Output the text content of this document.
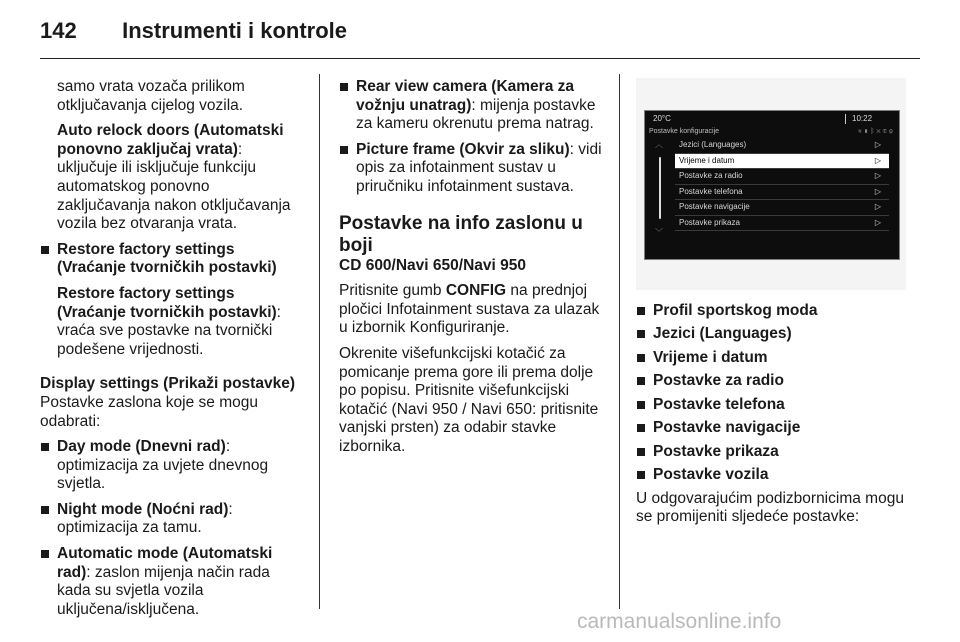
142 Instrumenti i kontrole

samo vrata vozača prilikom

otključavanja cijelog vozila.

Auto relock doors (Automatski ponovno zaključaj vrata): uključuje ili isključuje funkciju automatskog ponovno zaključavanja nakon otključavanja vozila bez otvaranja vrata.

Restore factory settings (Vraćanje tvorničkih postavki)

Restore factory settings (Vraćanje tvorničkih postavki): vraća sve postavke na tvornički podešene vrijednosti.

Display settings (Prikaži postavke)

Postavke zaslona koje se mogu odabrati:

Day mode (Dnevni rad): optimizacija za uvjete dnevnog svjetla.

Night mode (Noćni rad): optimizacija za tamu.

Automatic mode (Automatski rad): zaslon mijenja način rada kada su svjetla vozila uključena/isključena.

Rear view camera (Kamera za vožnju unatrag): mijenja postavke za kameru okrenutu prema natrag.

Picture frame (Okvir za sliku): vidi opis za infotainment sustav u priručniku infotainment sustava.

Postavke na info zaslonu u boji

CD 600/Navi 650/Navi 950

Pritisnite gumb CONFIG na prednjoj pločici Infotainment sustava za ulazak u izbornik Konfiguriranje.

Okrenite višefunkcijski kotačić za pomicanje prema gore ili prema dolje po popisu. Pritisnite višefunkcijski kotačić (Navi 950 / Navi 650: pritisnite vanjski prsten) za odabir stavke izbornika.

20°C	10:22
Postavke konfiguracije	≋▮ᛒ✕✆⚙
︿
﹀
Jezici (Languages)	▷
Vrijeme i datum	▷
Postavke za radio	▷
Postavke telefona	▷
Postavke navigacije	▷
Postavke prikaza	▷

Profil sportskog moda

Jezici (Languages)

Vrijeme i datum

Postavke za radio

Postavke telefona

Postavke navigacije

Postavke prikaza

Postavke vozila

U odgovarajućim podizbornicima mogu se promijeniti sljedeće postavke:

carmanualsonline.info
